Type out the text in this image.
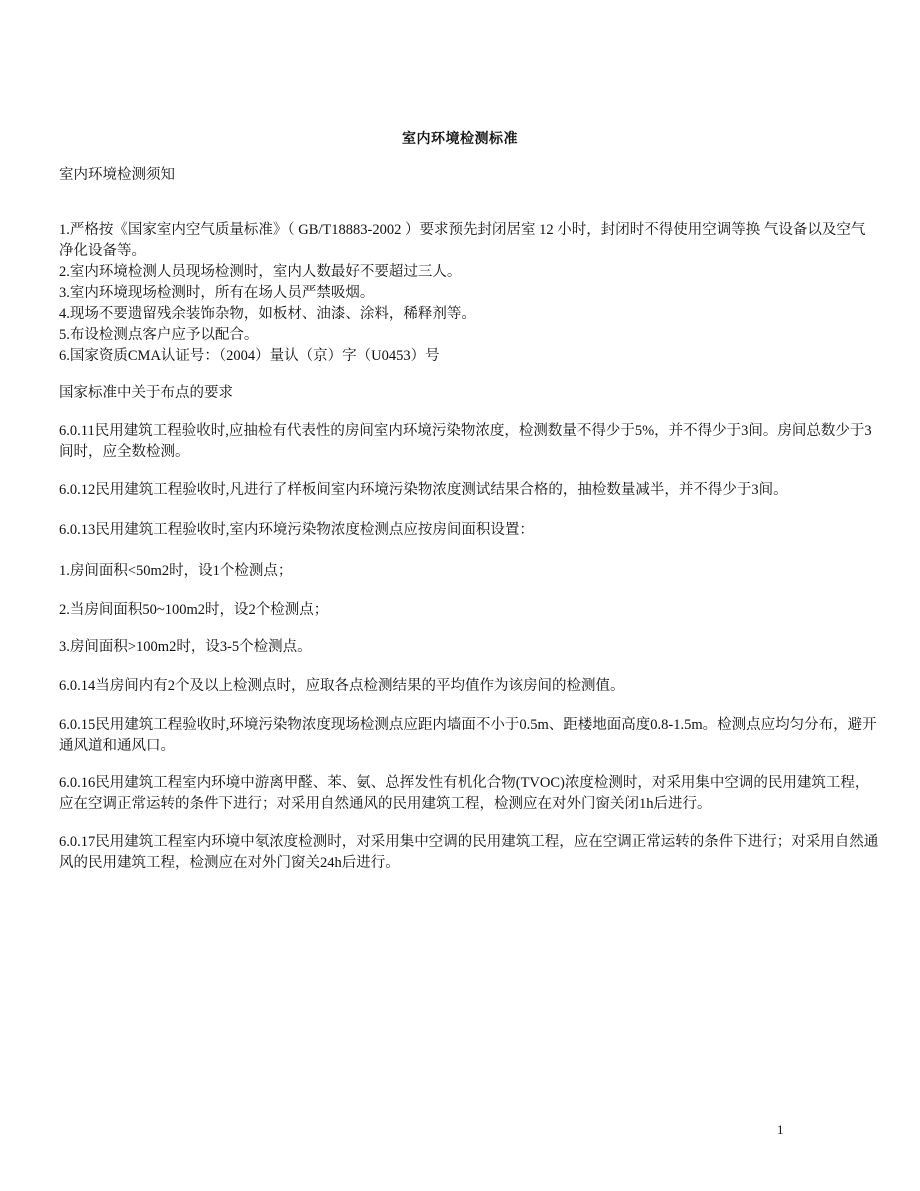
室内环境检测标准

室内环境检测须知

1.严格按《国家室内空气质量标准》（ GB/T18883-2002 ）要求预先封闭居室 12 小时，封闭时不得使用空调等换 气设备以及空气净化设备等。

2.室内环境检测人员现场检测时，室内人数最好不要超过三人。

3.室内环境现场检测时，所有在场人员严禁吸烟。

4.现场不要遗留残余装饰杂物，如板材、油漆、涂料，稀释剂等。

5.布设检测点客户应予以配合。

6.国家资质CMA认证号：（2004）量认（京）字（U0453）号

国家标准中关于布点的要求

6.0.11民用建筑工程验收时,应抽检有代表性的房间室内环境污染物浓度，检测数量不得少于5%，并不得少于3间。房间总数少于3间时，应全数检测。

6.0.12民用建筑工程验收时,凡进行了样板间室内环境污染物浓度测试结果合格的，抽检数量减半，并不得少于3间。

6.0.13民用建筑工程验收时,室内环境污染物浓度检测点应按房间面积设置：

1.房间面积<50m2时，设1个检测点；

2.当房间面积50~100m2时，设2个检测点；

3.房间面积>100m2时，设3-5个检测点。

6.0.14当房间内有2个及以上检测点时，应取各点检测结果的平均值作为该房间的检测值。

6.0.15民用建筑工程验收时,环境污染物浓度现场检测点应距内墙面不小于0.5m、距楼地面高度0.8-1.5m。检测点应均匀分布，避开通风道和通风口。

6.0.16民用建筑工程室内环境中游离甲醛、苯、氨、总挥发性有机化合物(TVOC)浓度检测时，对采用集中空调的民用建筑工程，应在空调正常运转的条件下进行；对采用自然通风的民用建筑工程，检测应在对外门窗关闭1h后进行。

6.0.17民用建筑工程室内环境中氡浓度检测时，对采用集中空调的民用建筑工程，应在空调正常运转的条件下进行；对采用自然通风的民用建筑工程，检测应在对外门窗关24h后进行。

1
